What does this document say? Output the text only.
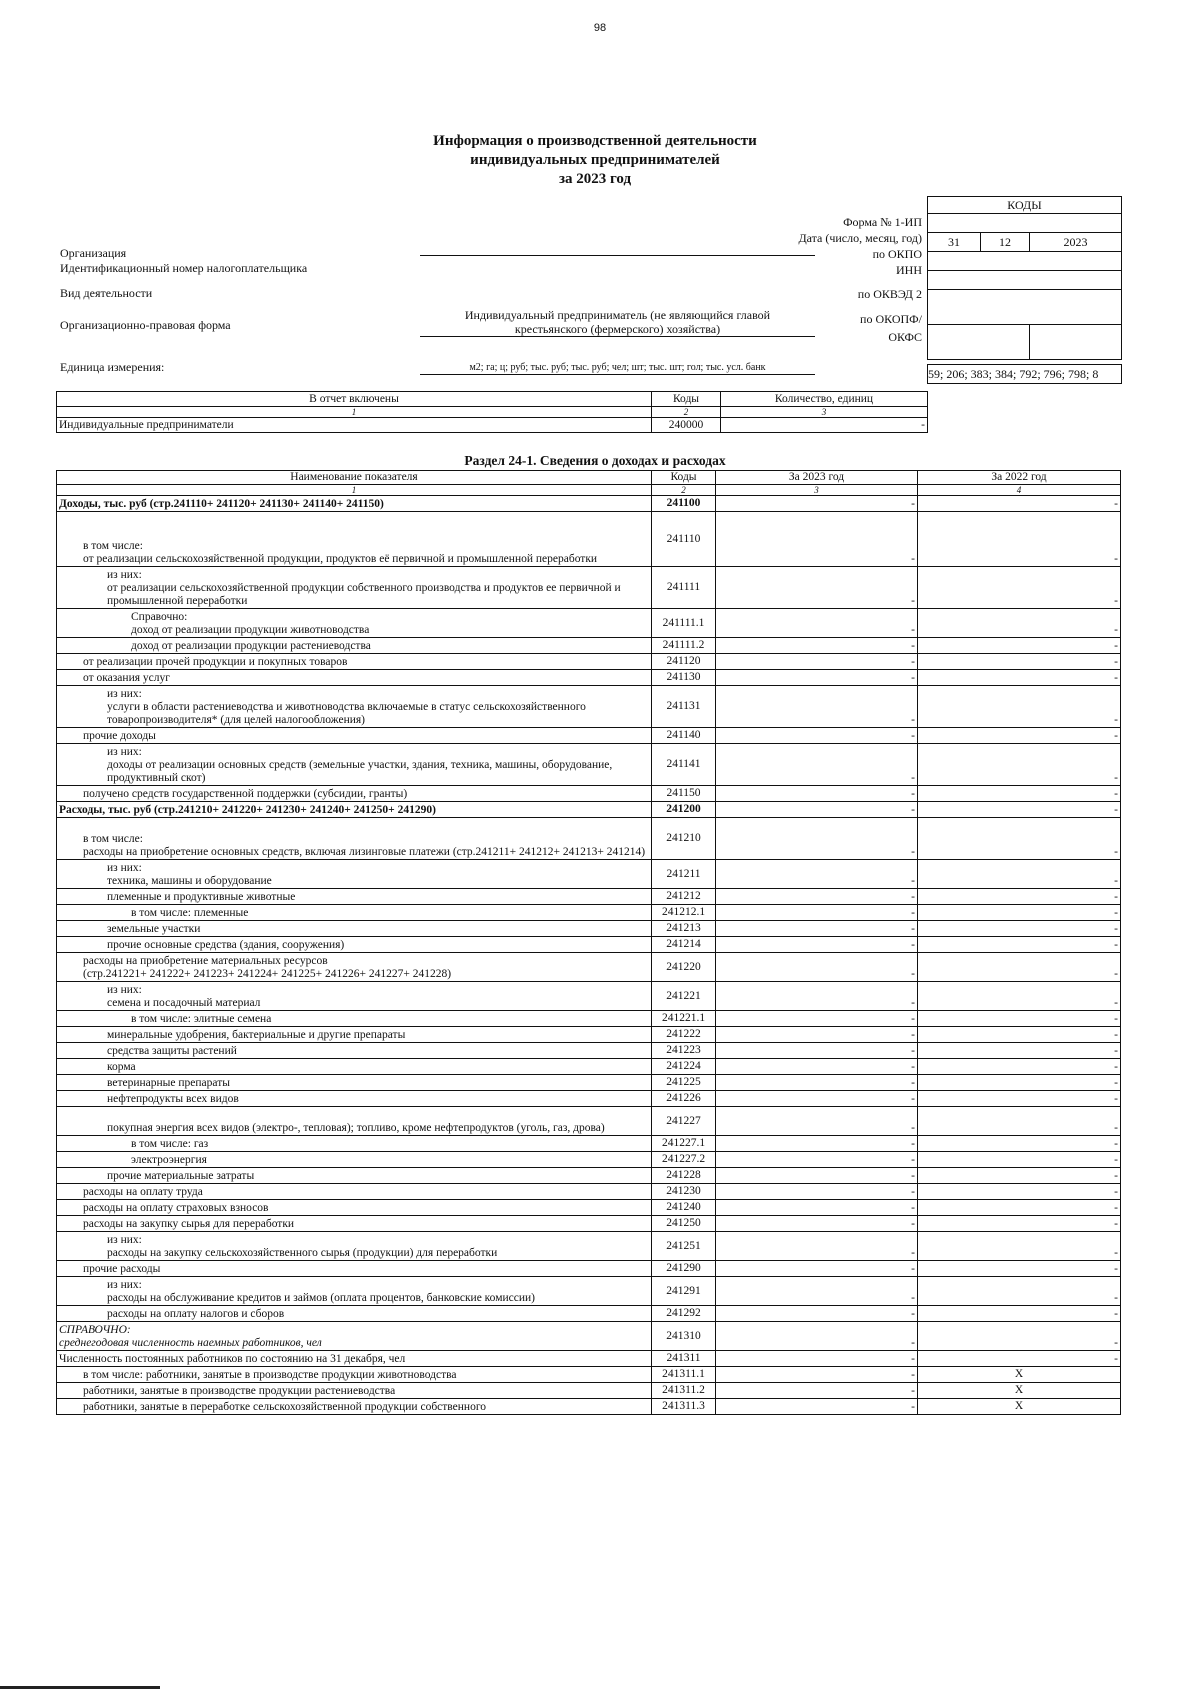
98
Информация о производственной деятельности
индивидуальных предпринимателей
за 2023 год
КОДЫ		

31	12	2023

59; 206; 383; 384; 792; 796; 798; 8		
Форма № 1-ИП
Дата (число, месяц, год)
по ОКПО
ИНН
по ОКВЭД 2
по ОКОПФ/
ОКФС
Организация
Идентификационный номер налогоплательщика
Вид деятельности
Организационно-правовая форма
Индивидуальный предприниматель (не являющийся главой
крестьянского (фермерского) хозяйства)
Единица измерения:	м2; га; ц; руб; тыс. руб; тыс. руб; чел; шт; тыс. шт; гол; тыс. усл. банк
В отчет включены	Коды	Количество, единиц
1	2	3
Индивидуальные предприниматели	240000	-
Раздел 24-1. Сведения о доходах и расходах
Наименование показателя	Коды	За 2023 год	За 2022 год
1	2	3	4
Доходы, тыс. руб (стр.241110+ 241120+ 241130+ 241140+ 241150)	241100	-	-
в том числе:
от реализации сельскохозяйственной продукции, продуктов её первичной и промышленной переработки	241110	-	-
из них:
от реализации сельскохозяйственной продукции собственного производства и продуктов ее первичной и промышленной переработки	241111	-	-
Справочно:
доход от реализации продукции животноводства	241111.1	-	-
доход от реализации продукции растениеводства	241111.2	-	-
от реализации прочей продукции и покупных товаров	241120	-	-
от оказания услуг	241130	-	-
из них:
услуги в области растениеводства и животноводства включаемые в статус сельскохозяйственного товаропроизводителя* (для целей налогообложения)	241131	-	-
прочие доходы	241140	-	-
из них:
доходы от реализации основных средств (земельные участки, здания, техника, машины, оборудование, продуктивный скот)	241141	-	-
получено средств государственной поддержки (субсидии, гранты)	241150	-	-
Расходы, тыс. руб (стр.241210+ 241220+ 241230+ 241240+ 241250+ 241290)	241200	-	-
в том числе:
расходы на приобретение основных средств, включая лизинговые платежи (стр.241211+ 241212+ 241213+ 241214)	241210	-	-
из них:
техника, машины и оборудование	241211	-	-
племенные и продуктивные животные	241212	-	-
в том числе: племенные	241212.1	-	-
земельные участки	241213	-	-
прочие основные средства (здания, сооружения)	241214	-	-
расходы на приобретение материальных ресурсов
(стр.241221+ 241222+ 241223+ 241224+ 241225+ 241226+ 241227+ 241228)	241220	-	-
из них:
семена и посадочный материал	241221	-	-
в том числе: элитные семена	241221.1	-	-
минеральные удобрения, бактериальные и другие препараты	241222	-	-
средства защиты растений	241223	-	-
корма	241224	-	-
ветеринарные препараты	241225	-	-
нефтепродукты всех видов	241226	-	-
покупная энергия всех видов (электро-, тепловая); топливо, кроме нефтепродуктов (уголь, газ, дрова)	241227	-	-
в том числе: газ	241227.1	-	-
электроэнергия	241227.2	-	-
прочие материальные затраты	241228	-	-
расходы на оплату труда	241230	-	-
расходы на оплату страховых взносов	241240	-	-
расходы на закупку сырья для переработки	241250	-	-
из них:
расходы на закупку сельскохозяйственного сырья (продукции) для переработки	241251	-	-
прочие расходы	241290	-	-
из них:
расходы на обслуживание кредитов и займов (оплата процентов, банковские комиссии)	241291	-	-
расходы на оплату налогов и сборов	241292	-	-
СПРАВОЧНО:
среднегодовая численность наемных работников, чел	241310	-	-
Численность постоянных работников по состоянию на 31 декабря, чел	241311	-	-
в том числе: работники, занятые в производстве продукции животноводства	241311.1	-	X
работники, занятые в производстве продукции растениеводства	241311.2	-	X
работники, занятые в переработке сельскохозяйственной продукции собственного	241311.3	-	X
